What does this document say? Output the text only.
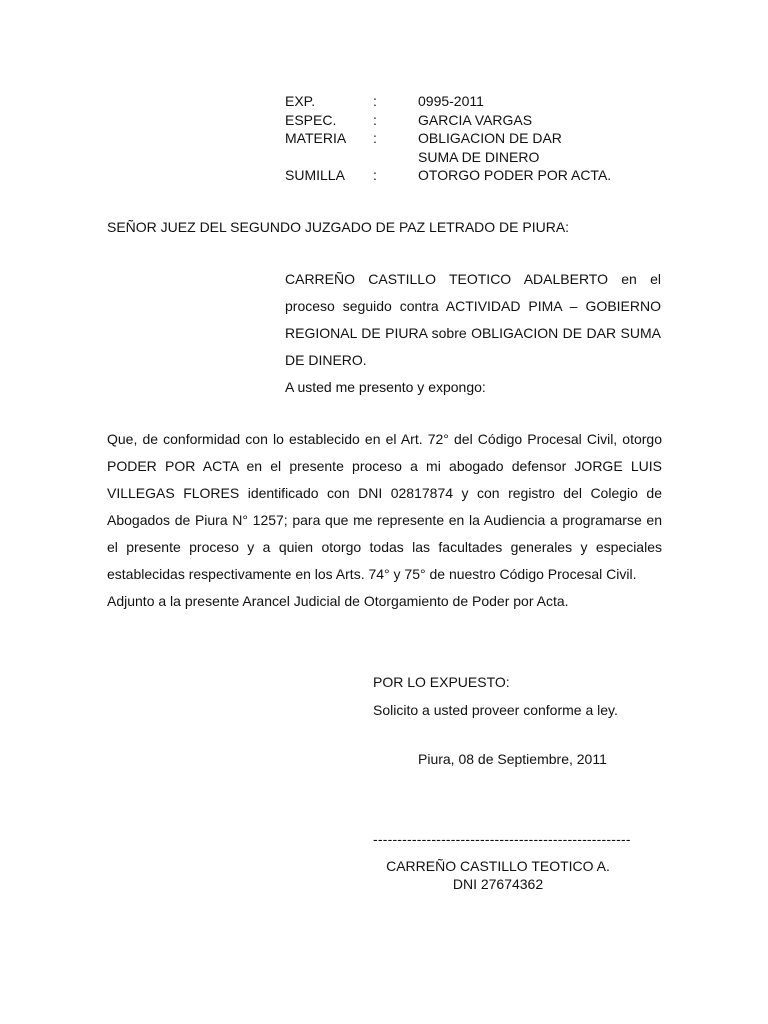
EXP.	:	0995-2011
ESPEC.	:	GARCIA VARGAS
MATERIA :	OBLIGACION DE DAR
SUMA DE DINERO
SUMILLA :	OTORGO PODER POR ACTA.
SEÑOR JUEZ DEL SEGUNDO JUZGADO DE PAZ LETRADO DE PIURA:

CARREÑO CASTILLO TEOTICO ADALBERTO en el proceso seguido contra ACTIVIDAD PIMA – GOBIERNO REGIONAL DE PIURA sobre OBLIGACION DE DAR SUMA DE DINERO.

A usted me presento y expongo:

Que, de conformidad con lo establecido en el Art. 72° del Código Procesal Civil, otorgo PODER POR ACTA en el presente proceso a mi abogado defensor JORGE LUIS VILLEGAS FLORES identificado con DNI 02817874 y con registro del Colegio de Abogados de Piura N° 1257; para que me represente en la Audiencia a programarse en el presente proceso y a quien otorgo todas las facultades generales y especiales establecidas respectivamente en los Arts. 74° y 75° de nuestro Código Procesal Civil.

Adjunto a la presente Arancel Judicial de Otorgamiento de Poder por Acta.

POR LO EXPUESTO:

Solicito a usted proveer conforme a ley.

Piura, 08 de Septiembre, 2011
-----------------------------------------------------
CARREÑO CASTILLO TEOTICO A.
DNI 27674362
